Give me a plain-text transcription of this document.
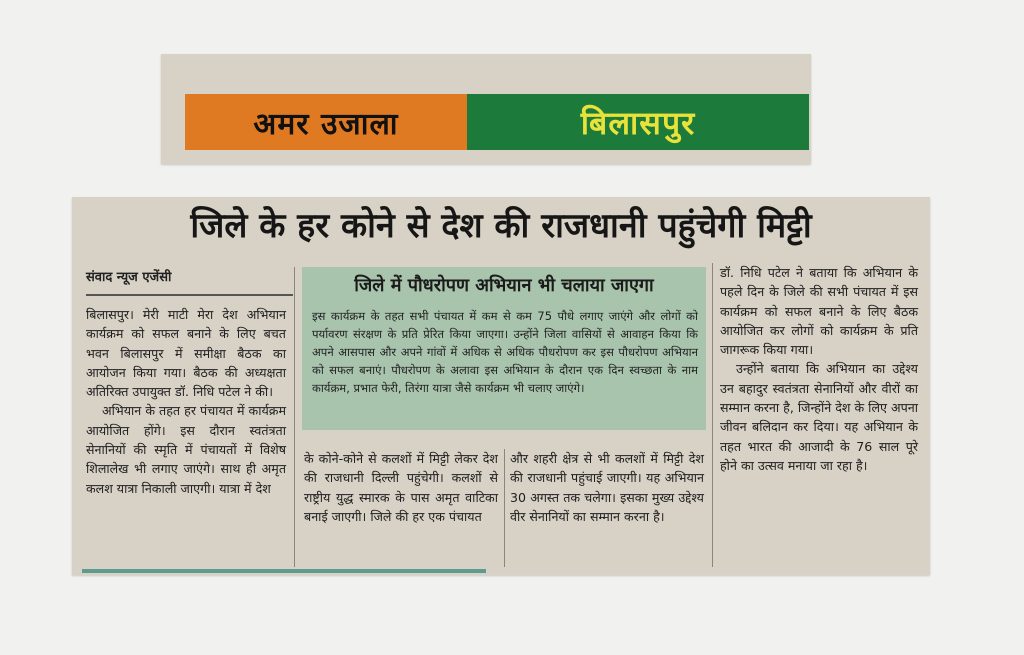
अमर उजाला	बिलासपुर
जिले के हर कोने से देश की राजधानी पहुंचेगी मिट्टी
संवाद न्यूज एजेंसी

बिलासपुर। मेरी माटी मेरा देश अभियान कार्यक्रम को सफल बनाने के लिए बचत भवन बिलासपुर में समीक्षा बैठक का आयोजन किया गया। बैठक की अध्यक्षता अतिरिक्त उपायुक्त डॉ. निधि पटेल ने की।

अभियान के तहत हर पंचायत में कार्यक्रम आयोजित होंगे। इस दौरान स्वतंत्रता सेनानियों की स्मृति में पंचायतों में विशेष शिलालेख भी लगाए जाएंगे। साथ ही अमृत कलश यात्रा निकाली जाएगी। यात्रा में देश

जिले में पौधरोपण अभियान भी चलाया जाएगा
इस कार्यक्रम के तहत सभी पंचायत में कम से कम 75 पौधे लगाए जाएंगे और लोगों को पर्यावरण संरक्षण के प्रति प्रेरित किया जाएगा। उन्होंने जिला वासियों से आवाहन किया कि अपने आसपास और अपने गांवों में अधिक से अधिक पौधरोपण कर इस पौधरोपण अभियान को सफल बनाएं। पौधरोपण के अलावा इस अभियान के दौरान एक दिन स्वच्छता के नाम कार्यक्रम, प्रभात फेरी, तिरंगा यात्रा जैसे कार्यक्रम भी चलाए जाएंगे।

के कोने-कोने से कलशों में मिट्टी लेकर देश की राजधानी दिल्ली पहुंचेगी। कलशों से राष्ट्रीय युद्ध स्मारक के पास अमृत वाटिका बनाई जाएगी। जिले की हर एक पंचायत

और शहरी क्षेत्र से भी कलशों में मिट्टी देश की राजधानी पहुंचाई जाएगी। यह अभियान 30 अगस्त तक चलेगा। इसका मुख्य उद्देश्य वीर सेनानियों का सम्मान करना है।

डॉ. निधि पटेल ने बताया कि अभियान के पहले दिन के जिले की सभी पंचायत में इस कार्यक्रम को सफल बनाने के लिए बैठक आयोजित कर लोगों को कार्यक्रम के प्रति जागरूक किया गया।

उन्होंने बताया कि अभियान का उद्देश्य उन बहादुर स्वतंत्रता सेनानियों और वीरों का सम्मान करना है, जिन्होंने देश के लिए अपना जीवन बलिदान कर दिया। यह अभियान के तहत भारत की आजादी के 76 साल पूरे होने का उत्सव मनाया जा रहा है।
